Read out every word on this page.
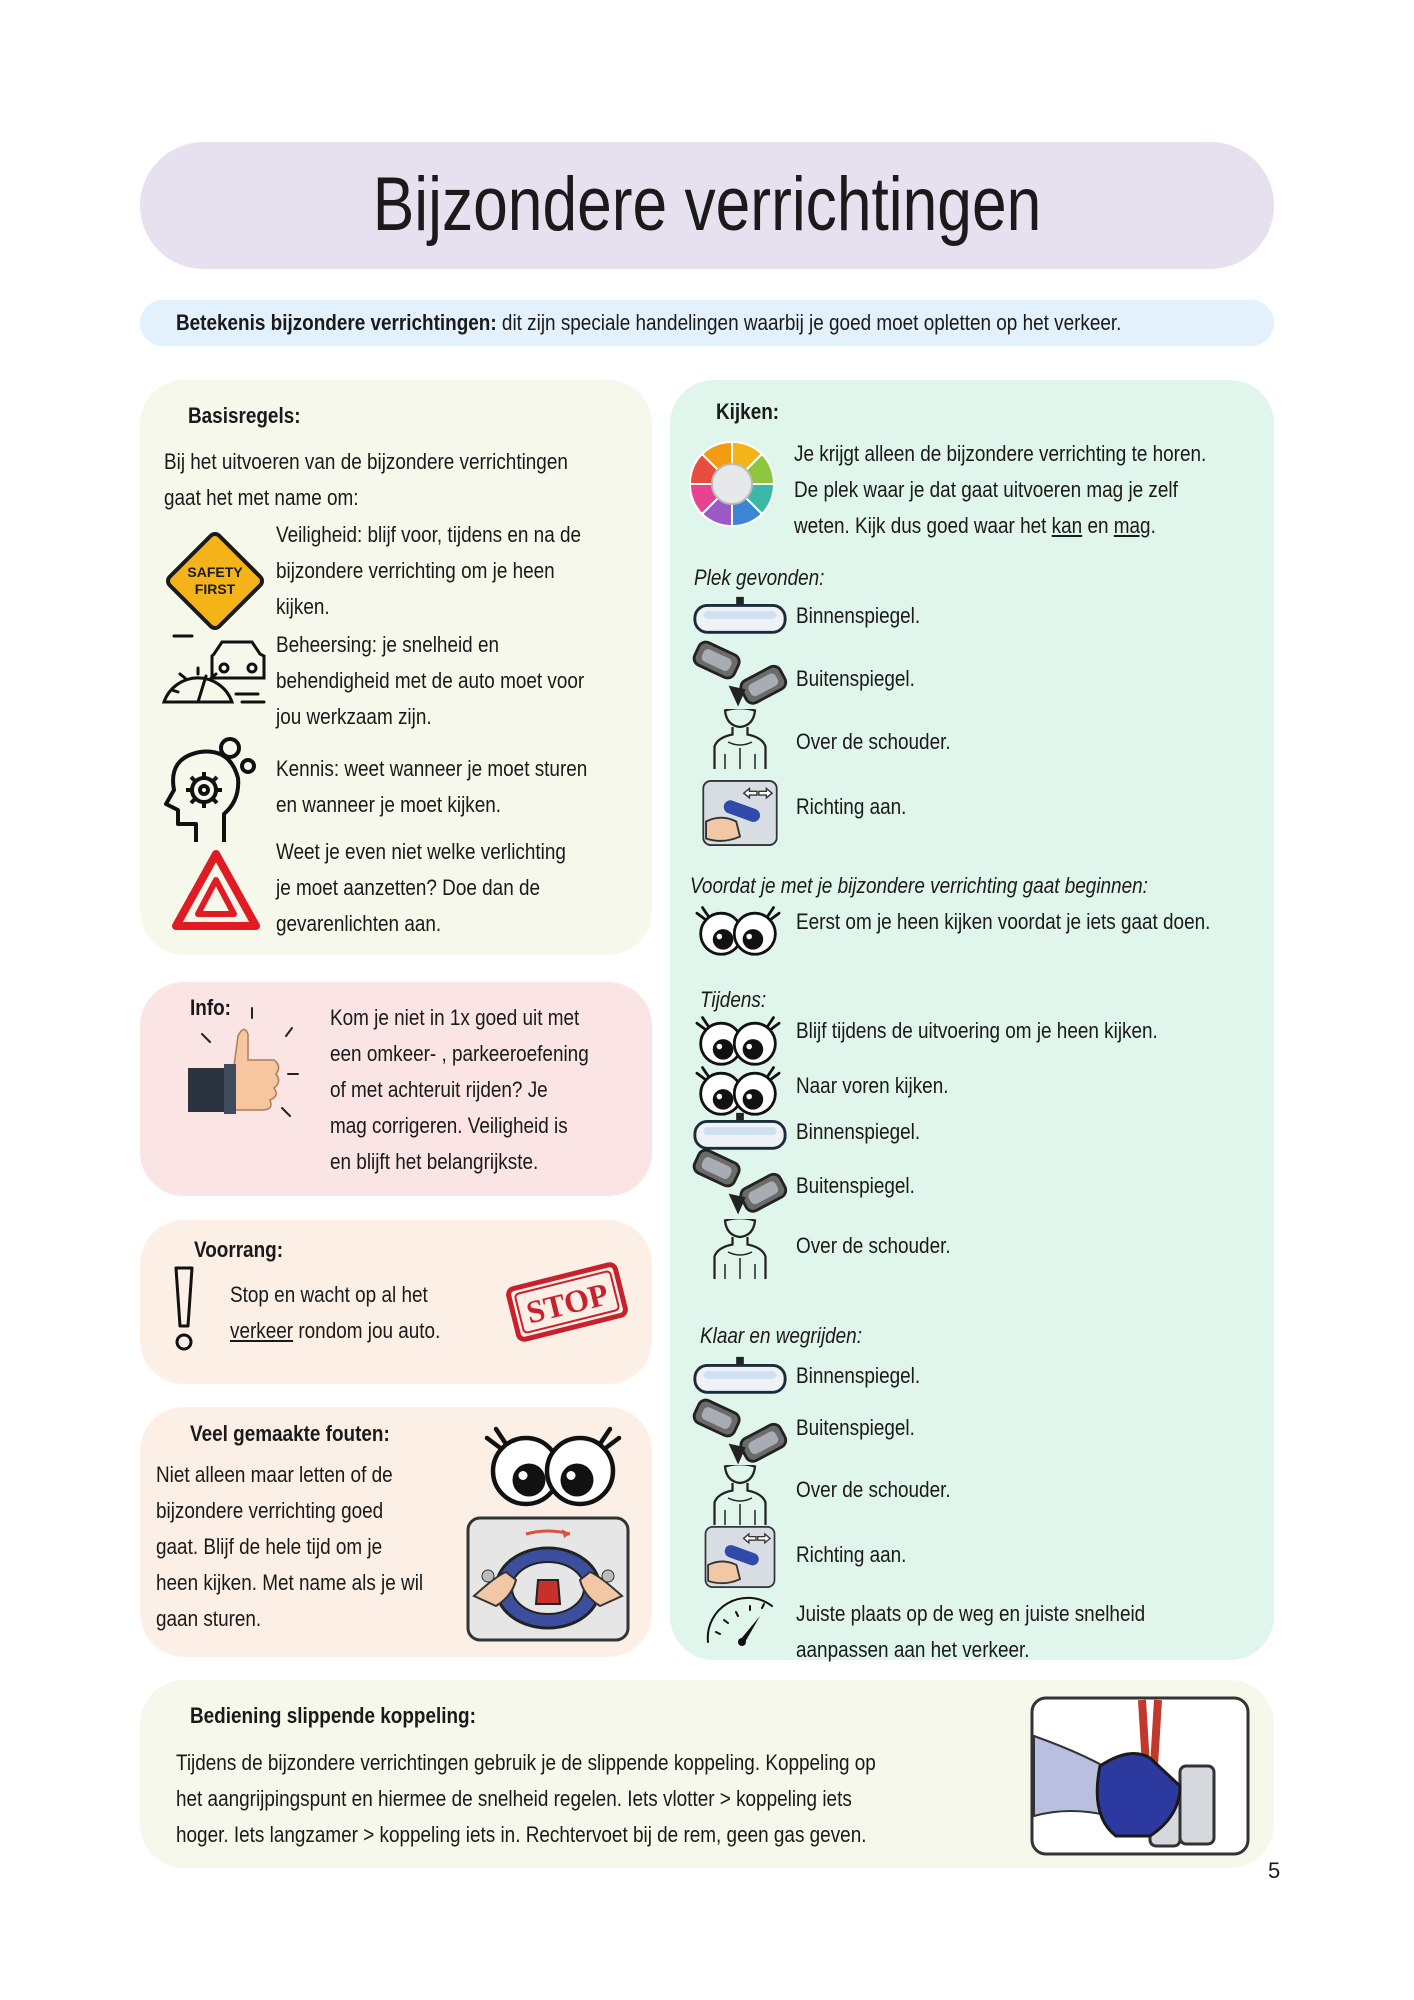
Bijzondere verrichtingen
Betekenis bijzondere verrichtingen: dit zijn speciale handelingen waarbij je goed moet opletten op het verkeer.
Basisregels:
Bij het uitvoeren van de bijzondere verrichtingen
gaat het met name om:
SAFETY
FIRST
Veiligheid: blijf voor, tijdens en na de
bijzondere verrichting om je heen
kijken.
Beheersing: je snelheid en
behendigheid met de auto moet voor
jou werkzaam zijn.
Kennis: weet wanneer je moet sturen
en wanneer je moet kijken.
Weet je even niet welke verlichting
je moet aanzetten? Doe dan de
gevarenlichten aan.
Info:	Kom je niet in 1x goed uit met
een omkeer- , parkeeroefening
of met achteruit rijden? Je
mag corrigeren. Veiligheid is
en blijft het belangrijkste.
Voorrang:
Stop en wacht op al het
verkeer rondom jou auto.
STOP
Veel gemaakte fouten:
Niet alleen maar letten of de
bijzondere verrichting goed
gaat. Blijf de hele tijd om je
heen kijken. Met name als je wil
gaan sturen.
Kijken:
Je krijgt alleen de bijzondere verrichting te horen.
De plek waar je dat gaat uitvoeren mag je zelf
weten. Kijk dus goed waar het kan en mag.
Plek gevonden:
Binnenspiegel.
Buitenspiegel.
Over de schouder.
Richting aan.
Voordat je met je bijzondere verrichting gaat beginnen:
Eerst om je heen kijken voordat je iets gaat doen.
Tijdens:
Blijf tijdens de uitvoering om je heen kijken.
Naar voren kijken.
Binnenspiegel.
Buitenspiegel.
Over de schouder.
Klaar en wegrijden:
Binnenspiegel.
Buitenspiegel.
Over de schouder.
Richting aan.
Juiste plaats op de weg en juiste snelheid
aanpassen aan het verkeer.
Bediening slippende koppeling:
Tijdens de bijzondere verrichtingen gebruik je de slippende koppeling. Koppeling op
het aangrijpingspunt en hiermee de snelheid regelen. Iets vlotter > koppeling iets
hoger. Iets langzamer > koppeling iets in. Rechtervoet bij de rem, geen gas geven.
5
